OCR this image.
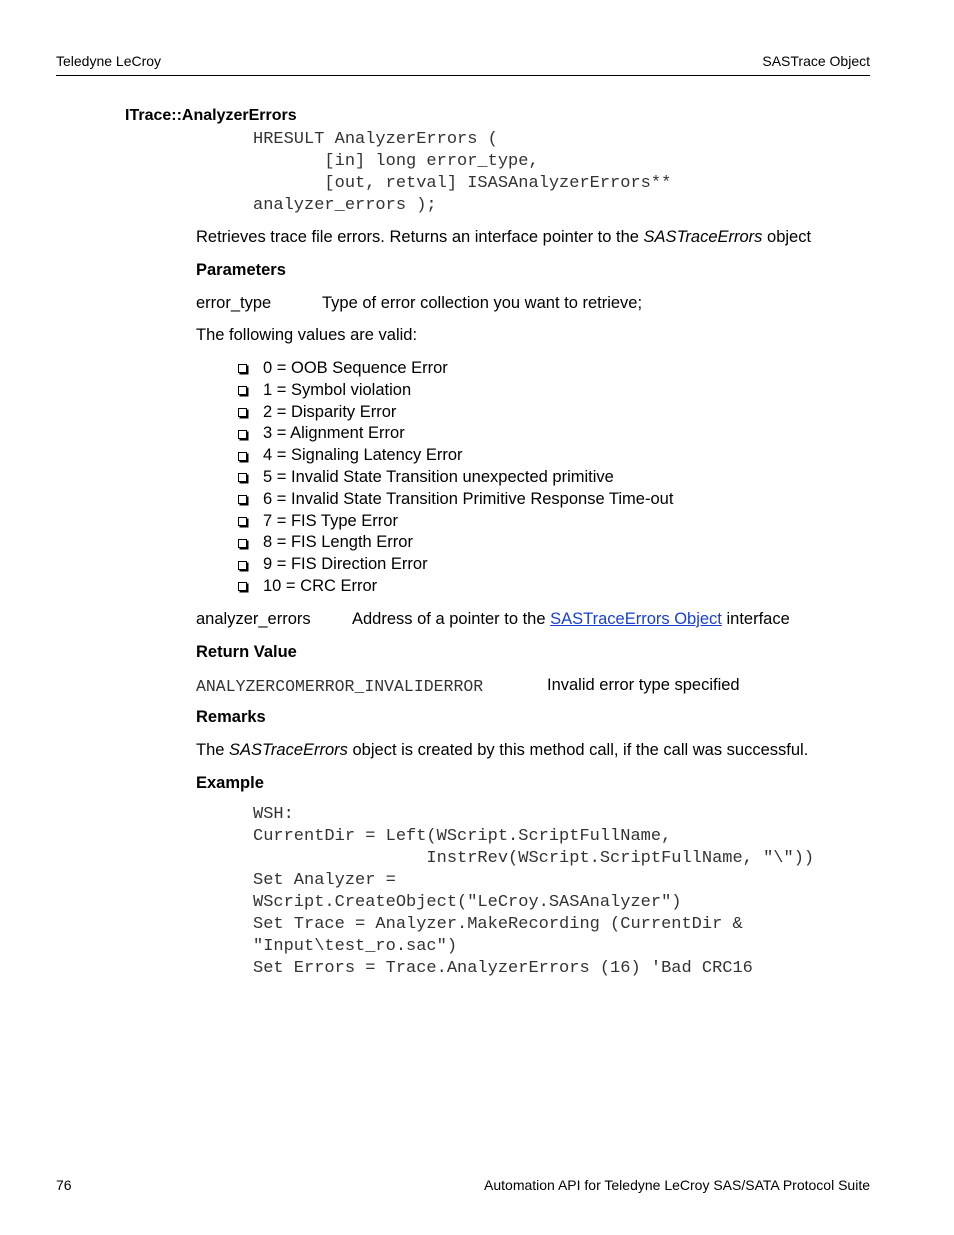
Teledyne LeCroy	SASTrace Object
ITrace::AnalyzerErrors
HRESULT AnalyzerErrors (
[in] long error_type,
[out, retval] ISASAnalyzerErrors**
analyzer_errors );
Retrieves trace file errors. Returns an interface pointer to the SASTraceErrors object
Parameters
error_type	Type of error collection you want to retrieve;
The following values are valid:
0 = OOB Sequence Error
1 = Symbol violation
2 = Disparity Error
3 = Alignment Error
4 = Signaling Latency Error
5 = Invalid State Transition unexpected primitive
6 = Invalid State Transition Primitive Response Time-out
7 = FIS Type Error
8 = FIS Length Error
9 = FIS Direction Error
10 = CRC Error
analyzer_errors	Address of a pointer to the SASTraceErrors Object interface
Return Value
ANALYZERCOMERROR_INVALIDERROR	Invalid error type specified
Remarks
The SASTraceErrors object is created by this method call, if the call was successful.
Example
WSH:
CurrentDir = Left(WScript.ScriptFullName,
InstrRev(WScript.ScriptFullName, "\"))
Set Analyzer =
WScript.CreateObject("LeCroy.SASAnalyzer")
Set Trace = Analyzer.MakeRecording (CurrentDir &
"Input\test_ro.sac")
Set Errors = Trace.AnalyzerErrors (16) 'Bad CRC16
76	Automation API for Teledyne LeCroy SAS/SATA Protocol Suite
